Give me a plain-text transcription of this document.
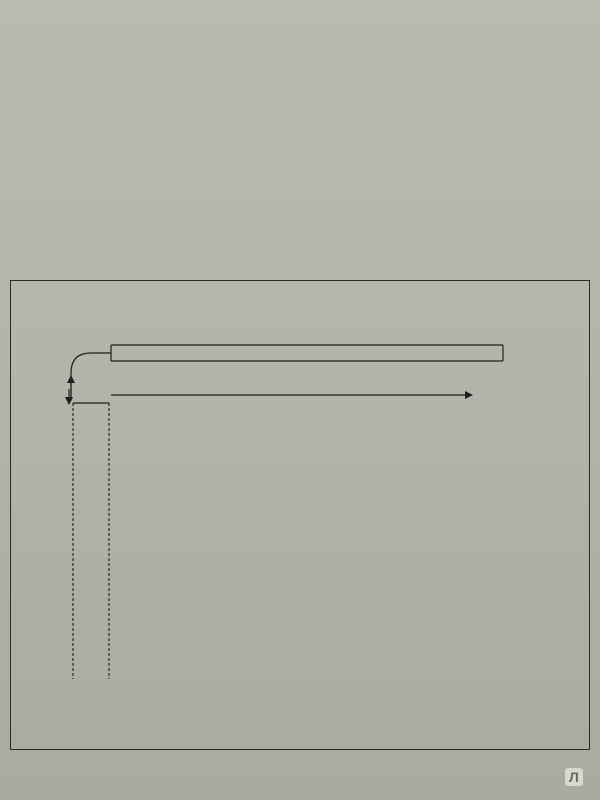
Л
